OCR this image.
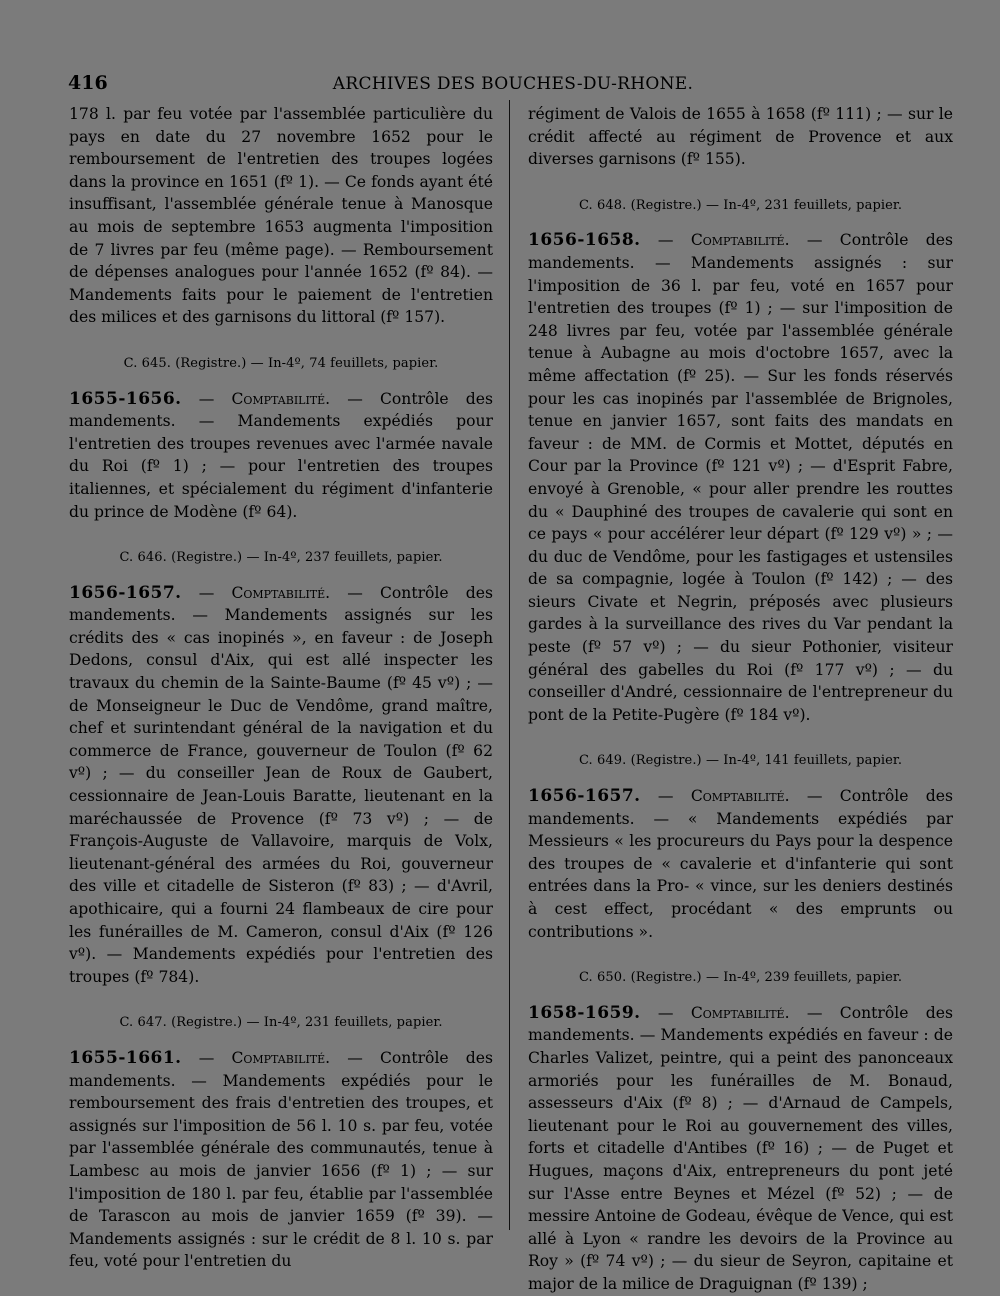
416	ARCHIVES DES BOUCHES-DU-RHONE.

178 l. par feu votée par l'assemblée particulière du pays en date du 27 novembre 1652 pour le remboursement de l'entretien des troupes logées dans la province en 1651 (fº 1). — Ce fonds ayant été insuffisant, l'assemblée générale tenue à Manosque au mois de septembre 1653 augmenta l'imposition de 7 livres par feu (même page). — Remboursement de dépenses analogues pour l'année 1652 (fº 84). — Mandements faits pour le paiement de l'entretien des milices et des garnisons du littoral (fº 157).

C. 645. (Registre.) — In-4º, 74 feuillets, papier.

1655-1656. — Comptabilité. — Contrôle des mandements. — Mandements expédiés pour l'entretien des troupes revenues avec l'armée navale du Roi (fº 1) ; — pour l'entretien des troupes italiennes, et spécialement du régiment d'infanterie du prince de Modène (fº 64).

C. 646. (Registre.) — In-4º, 237 feuillets, papier.

1656-1657. — Comptabilité. — Contrôle des mandements. — Mandements assignés sur les crédits des « cas inopinés », en faveur : de Joseph Dedons, consul d'Aix, qui est allé inspecter les travaux du chemin de la Sainte-Baume (fº 45 vº) ; — de Monseigneur le Duc de Vendôme, grand maître, chef et surintendant général de la navigation et du commerce de France, gouverneur de Toulon (fº 62 vº) ; — du conseiller Jean de Roux de Gaubert, cessionnaire de Jean-Louis Baratte, lieutenant en la maréchaussée de Provence (fº 73 vº) ; — de François-Auguste de Vallavoire, marquis de Volx, lieutenant-général des armées du Roi, gouverneur des ville et citadelle de Sisteron (fº 83) ; — d'Avril, apothicaire, qui a fourni 24 flambeaux de cire pour les funérailles de M. Cameron, consul d'Aix (fº 126 vº). — Mandements expédiés pour l'entretien des troupes (fº 784).

C. 647. (Registre.) — In-4º, 231 feuillets, papier.

1655-1661. — Comptabilité. — Contrôle des mandements. — Mandements expédiés pour le remboursement des frais d'entretien des troupes, et assignés sur l'imposition de 56 l. 10 s. par feu, votée par l'assemblée générale des communautés, tenue à Lambesc au mois de janvier 1656 (fº 1) ; — sur l'imposition de 180 l. par feu, établie par l'assemblée de Tarascon au mois de janvier 1659 (fº 39). — Mandements assignés : sur le crédit de 8 l. 10 s. par feu, voté pour l'entretien du

régiment de Valois de 1655 à 1658 (fº 111) ; — sur le crédit affecté au régiment de Provence et aux diverses garnisons (fº 155).

C. 648. (Registre.) — In-4º, 231 feuillets, papier.

1656-1658. — Comptabilité. — Contrôle des mandements. — Mandements assignés : sur l'imposition de 36 l. par feu, voté en 1657 pour l'entretien des troupes (fº 1) ; — sur l'imposition de 248 livres par feu, votée par l'assemblée générale tenue à Aubagne au mois d'octobre 1657, avec la même affectation (fº 25). — Sur les fonds réservés pour les cas inopinés par l'assemblée de Brignoles, tenue en janvier 1657, sont faits des mandats en faveur : de MM. de Cormis et Mottet, députés en Cour par la Province (fº 121 vº) ; — d'Esprit Fabre, envoyé à Grenoble, « pour aller prendre les routtes du « Dauphiné des troupes de cavalerie qui sont en ce pays « pour accélérer leur départ (fº 129 vº) » ; — du duc de Vendôme, pour les fastigages et ustensiles de sa compagnie, logée à Toulon (fº 142) ; — des sieurs Civate et Negrin, préposés avec plusieurs gardes à la surveillance des rives du Var pendant la peste (fº 57 vº) ; — du sieur Pothonier, visiteur général des gabelles du Roi (fº 177 vº) ; — du conseiller d'André, cessionnaire de l'entrepreneur du pont de la Petite-Pugère (fº 184 vº).

C. 649. (Registre.) — In-4º, 141 feuillets, papier.

1656-1657. — Comptabilité. — Contrôle des mandements. — « Mandements expédiés par Messieurs « les procureurs du Pays pour la despence des troupes de « cavalerie et d'infanterie qui sont entrées dans la Pro- « vince, sur les deniers destinés à cest effect, procédant « des emprunts ou contributions ».

C. 650. (Registre.) — In-4º, 239 feuillets, papier.

1658-1659. — Comptabilité. — Contrôle des mandements. — Mandements expédiés en faveur : de Charles Valizet, peintre, qui a peint des panonceaux armoriés pour les funérailles de M. Bonaud, assesseurs d'Aix (fº 8) ; — d'Arnaud de Campels, lieutenant pour le Roi au gouvernement des villes, forts et citadelle d'Antibes (fº 16) ; — de Puget et Hugues, maçons d'Aix, entrepreneurs du pont jeté sur l'Asse entre Beynes et Mézel (fº 52) ; — de messire Antoine de Godeau, évêque de Vence, qui est allé à Lyon « randre les devoirs de la Province au Roy » (fº 74 vº) ; — du sieur de Seyron, capitaine et major de la milice de Draguignan (fº 139) ;
